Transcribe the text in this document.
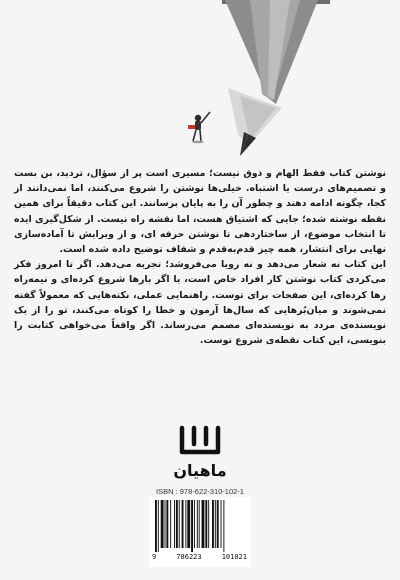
نوشتن کتاب فقط الهام و ذوق نیست؛ مسیری است پر از سؤال، تردید، بن بست و تصمیم‌های درست یا اشتباه. خیلی‌ها نوشتن را شروع می‌کنند، اما نمی‌دانند از کجا، چگونه ادامه دهند و چطور آن را به پایان برسانند. این کتاب دقیقاً برای همین نقطه نوشته شده؛ جایی که اشتیاق هست، اما نقشه راه نیست. از شکل‌گیری ایده تا انتخاب موضوع، از ساختاردهی تا نوشتن حرفه ای، و از ویرایش تا آماده‌سازی نهایی برای انتشار، همه چیز قدم‌به‌قدم و شفاف توضیح داده شده است.

این کتاب نه شعار می‌دهد و نه رویا می‌فروشد؛ تجربه می‌دهد. اگر تا امروز فکر می‌کردی کتاب نوشتن کار افراد خاص است، یا اگر بارها شروع کرده‌ای و نیمه‌راه رها کرده‌ای، این صفحات برای توست. راهنمایی عملی، نکته‌هایی که معمولاً گفته نمی‌شوند و میان‌بُرهایی که سال‌ها آزمون و خطا را کوتاه می‌کنند، تو را از یک نویسنده‌ی مردد به نویسنده‌ای مصمم می‌رساند. اگر واقعاً می‌خواهی کتابت را بنویسی، این کتاب نقطه‌ی شروع توست.

ماهیان
ISBN : 978-622-310-102-1
9	786223	101021
